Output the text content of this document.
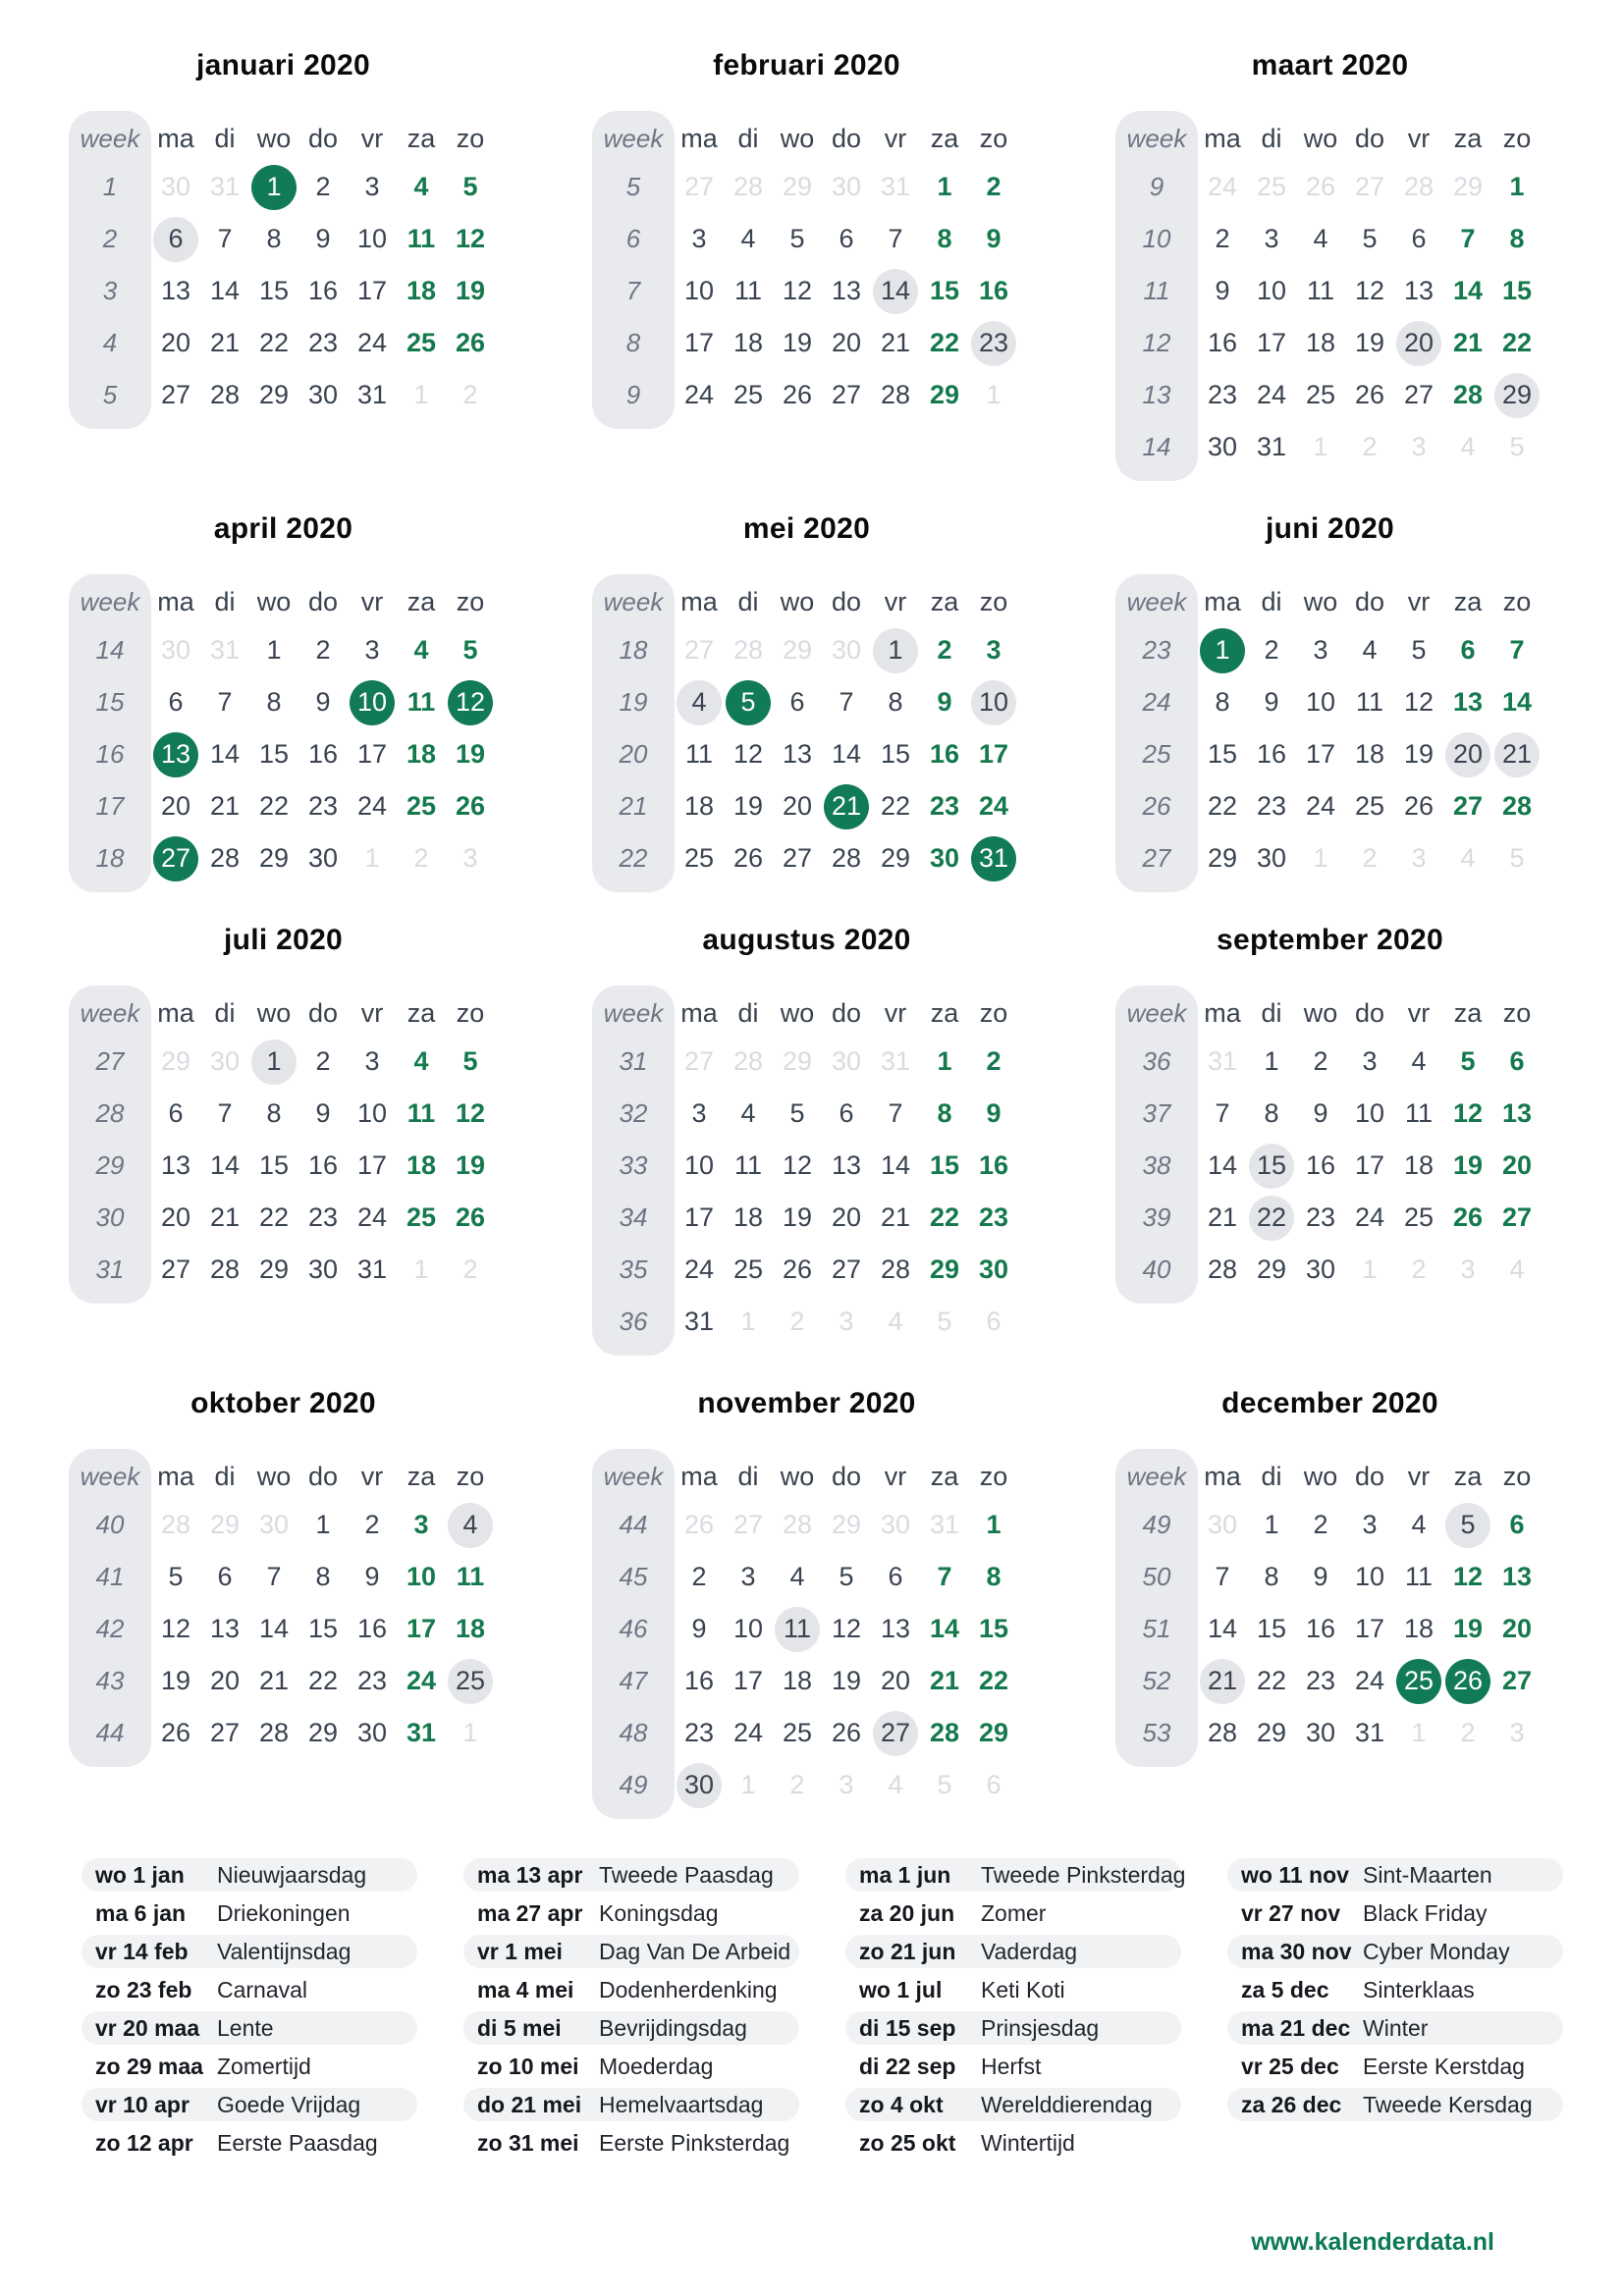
januari 2020
week ma di wo do vr za zo
1	30 31	1	2 3 4 5
2	6	7 8 9 10 11 12
3	13 14 15 16 17 18 19
4	20 21 22 23 24 25 26
5	27 28 29 30 31 1 2
februari 2020
week ma di wo do vr za zo
5	27 28 29 30 31 1 2
6	3 4 5 6 7 8 9
7	10 11 12 13 14 15 16
8	17 18 19 20 21 22 23
9	24 25 26 27 28 29 1
maart 2020
week ma di wo do vr za zo
9	24 25 26 27 28 29 1
10	2 3 4 5 6 7 8
11	9 10 11 12 13 14 15
12	16 17 18 19 20 21 22
13	23 24 25 26 27 28 29
14	30 31 1 2 3 4 5
april 2020
week ma di wo do vr za zo
14	30 31 1 2 3 4 5
15	6 7 8 9 10 11 12
16	13 14 15 16 17 18 19
17	20 21 22 23 24 25 26
18	27 28 29 30 1 2 3
mei 2020
week ma di wo do vr za zo
18	27 28 29 30	1	2 3
19	4	5	6 7 8 9 10
20	11 12 13 14 15 16 17
21	18 19 20 21 22 23 24
22	25 26 27 28 29 30 31
juni 2020
week ma di wo do vr za zo
23	1	2 3 4 5 6 7
24	8 9 10 11 12 13 14
25	15 16 17 18 19 20 21
26	22 23 24 25 26 27 28
27	29 30 1 2 3 4 5
juli 2020
week ma di wo do vr za zo
27	29 30	1	2 3 4 5
28	6 7 8 9 10 11 12
29	13 14 15 16 17 18 19
30	20 21 22 23 24 25 26
31	27 28 29 30 31 1 2
augustus 2020
week ma di wo do vr za zo
31	27 28 29 30 31 1 2
32	3 4 5 6 7 8 9
33	10 11 12 13 14 15 16
34	17 18 19 20 21 22 23
35	24 25 26 27 28 29 30
36	31 1 2 3 4 5 6
september 2020
week ma di wo do vr za zo
36	31 1 2 3 4 5 6
37	7 8 9 10 11 12 13
38	14 15 16 17 18 19 20
39	21 22 23 24 25 26 27
40	28 29 30 1 2 3 4
oktober 2020
week ma di wo do vr za zo
40	28 29 30 1 2 3	4
41	5 6 7 8 9 10 11
42	12 13 14 15 16 17 18
43	19 20 21 22 23 24 25
44	26 27 28 29 30 31 1
november 2020
week ma di wo do vr za zo
44	26 27 28 29 30 31 1
45	2 3 4 5 6 7 8
46	9 10 11 12 13 14 15
47	16 17 18 19 20 21 22
48	23 24 25 26 27 28 29
49	30 1 2 3 4 5 6
december 2020
week ma di wo do vr za zo
49	30 1 2 3 4	5	6
50	7 8 9 10 11 12 13
51	14 15 16 17 18 19 20
52	21 22 23 24 25 26 27
53	28 29 30 31 1 2 3
wo 1 jan	Nieuwjaarsdag
ma 6 jan	Driekoningen
vr 14 feb	Valentijnsdag
zo 23 feb	Carnaval
vr 20 maa Lente
zo 29 maa Zomertijd
vr 10 apr	Goede Vrijdag
zo 12 apr	Eerste Paasdag
ma 13 apr Tweede Paasdag
ma 27 apr Koningsdag
vr 1 mei	Dag Van De Arbeid
ma 4 mei	Dodenherdenking
di 5 mei	Bevrijdingsdag
zo 10 mei Moederdag
do 21 mei Hemelvaartsdag
zo 31 mei Eerste Pinksterdag
ma 1 jun	Tweede Pinksterdag
za 20 jun	Zomer
zo 21 jun	Vaderdag
wo 1 jul	Keti Koti
di 15 sep	Prinsjesdag
di 22 sep	Herfst
zo 4 okt	Werelddierendag
zo 25 okt	Wintertijd
wo 11 nov Sint-Maarten
vr 27 nov	Black Friday
ma 30 nov Cyber Monday
za 5 dec	Sinterklaas
ma 21 dec Winter
vr 25 dec	Eerste Kerstdag
za 26 dec Tweede Kersdag
www.kalenderdata.nl
